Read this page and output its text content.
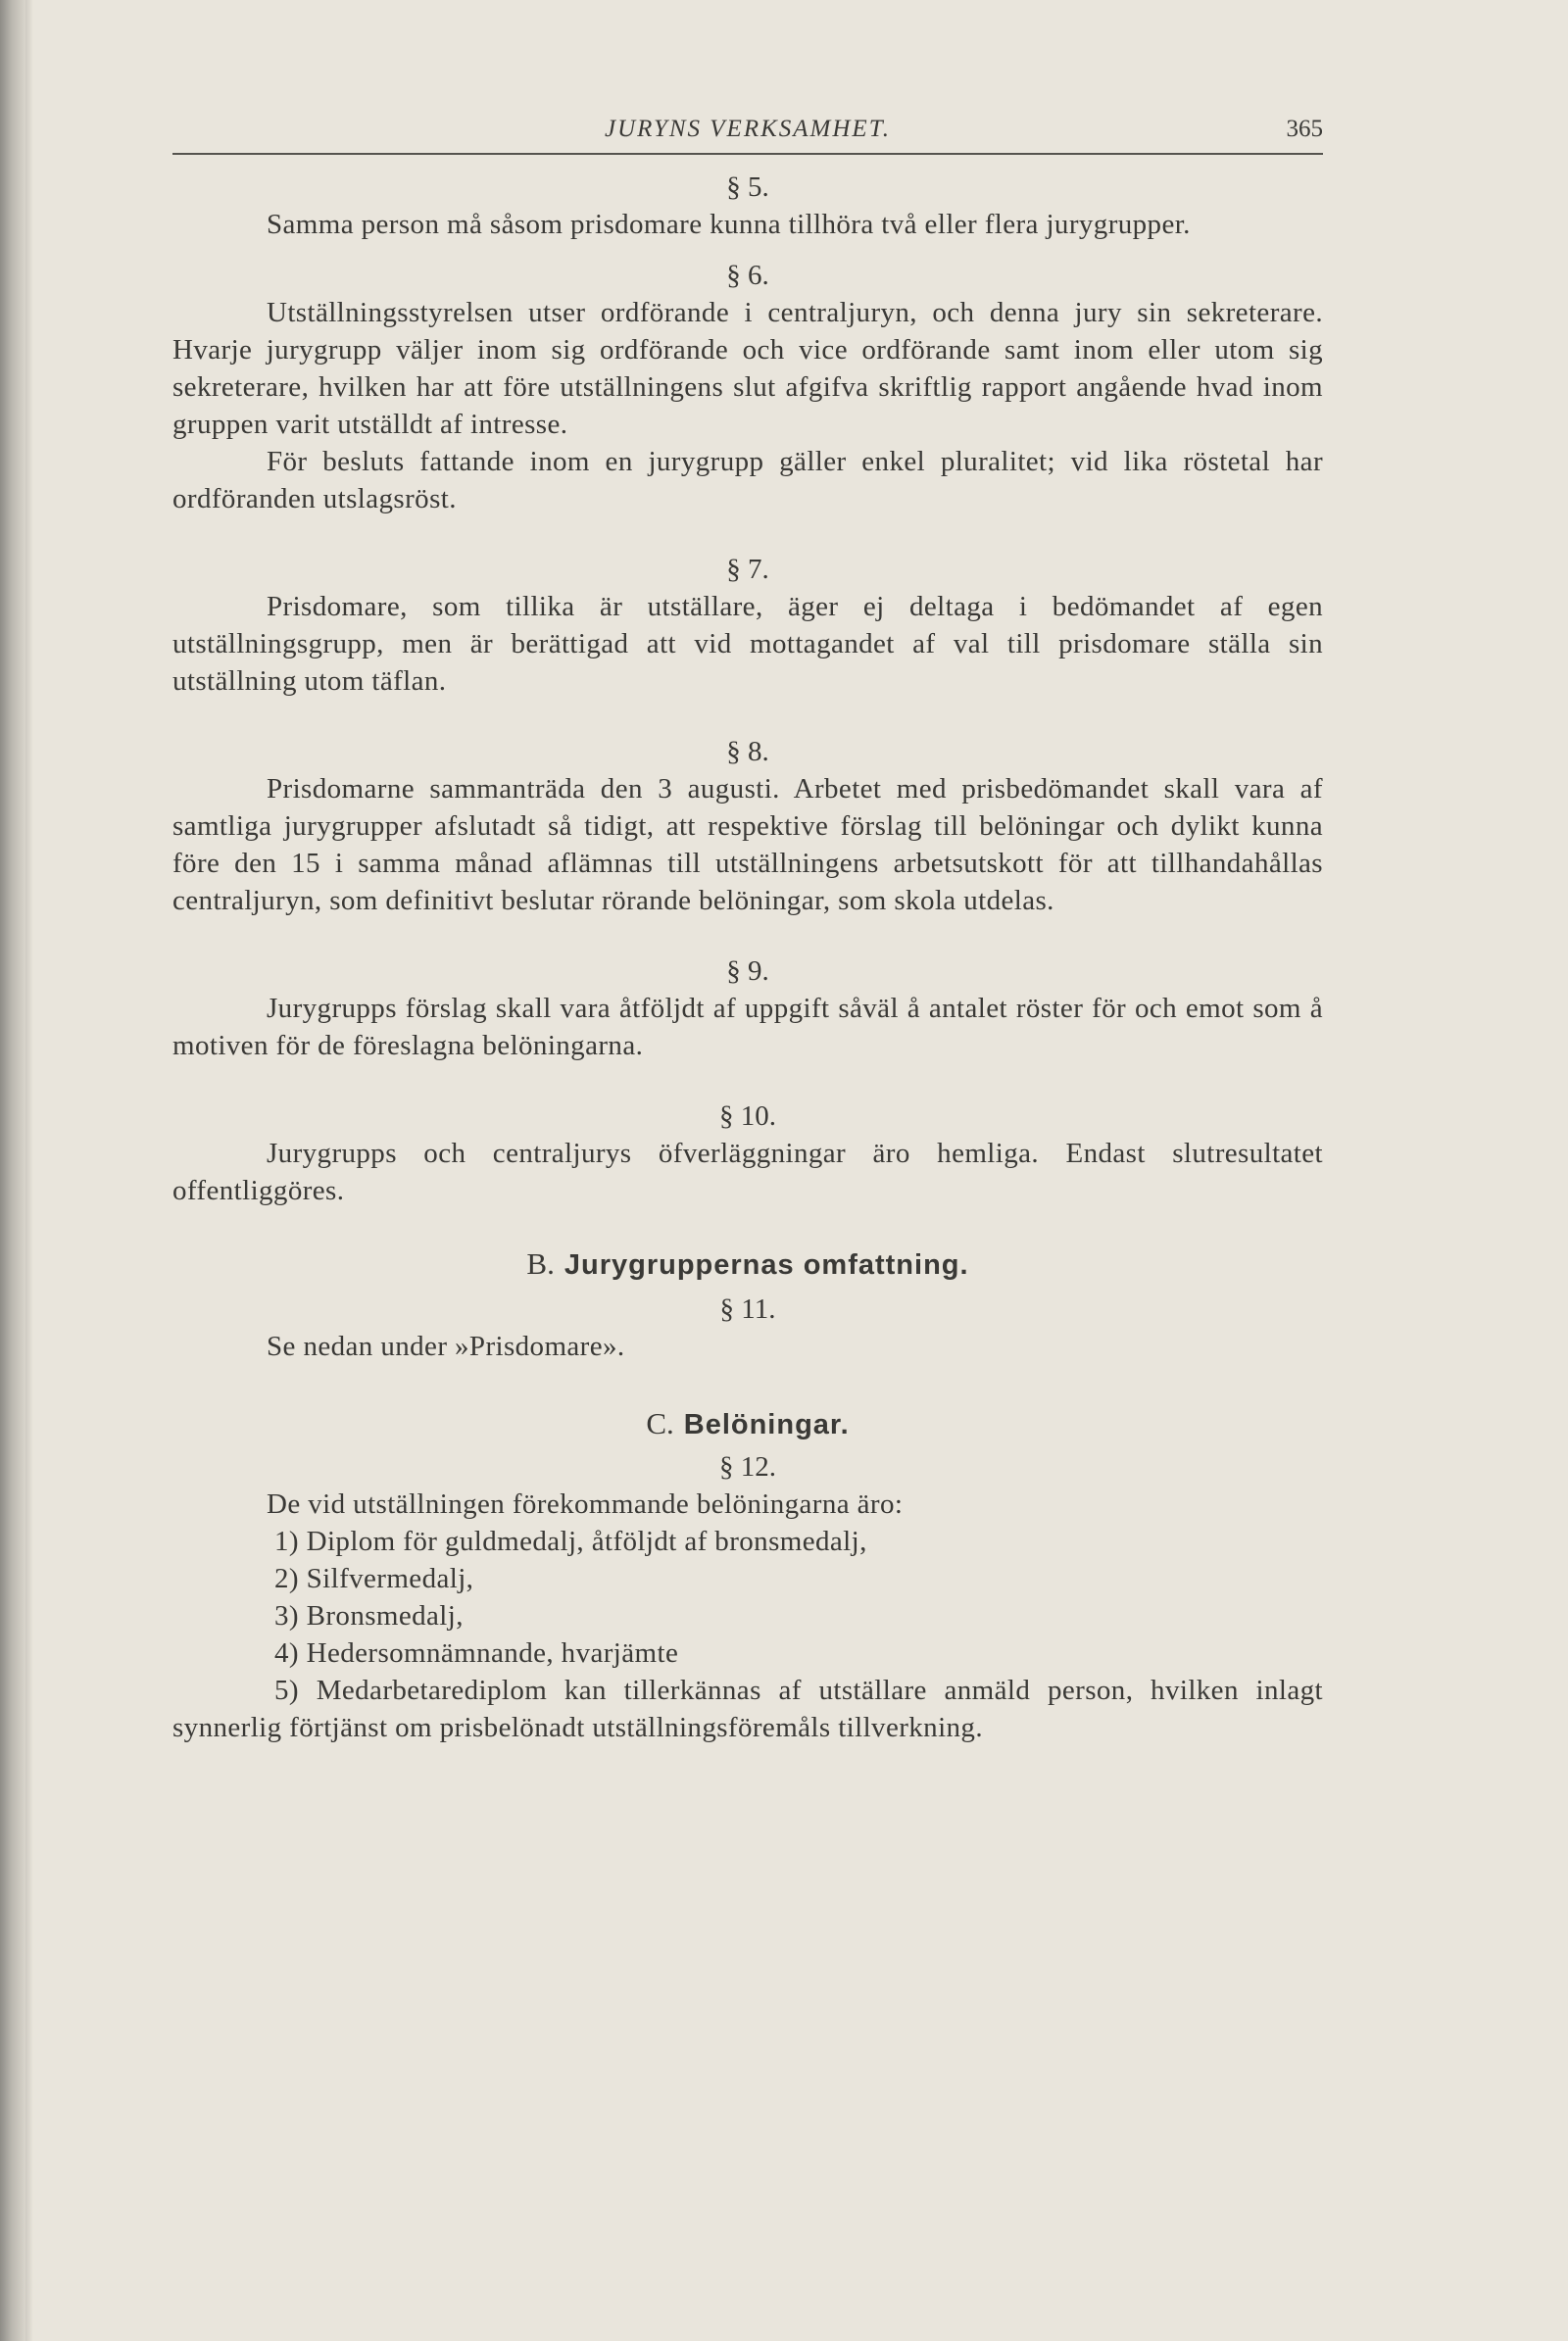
JURYNS VERKSAMHET.	365
§ 5.

Samma person må såsom prisdomare kunna tillhöra två eller flera jurygrupper.

§ 6.

Utställningsstyrelsen utser ordförande i centraljuryn, och denna jury sin sekreterare. Hvarje jurygrupp väljer inom sig ordförande och vice ordförande samt inom eller utom sig sekreterare, hvilken har att före utställningens slut afgifva skriftlig rapport angående hvad inom gruppen varit utställdt af intresse.

För besluts fattande inom en jurygrupp gäller enkel pluralitet; vid lika röstetal har ordföranden utslagsröst.

§ 7.

Prisdomare, som tillika är utställare, äger ej deltaga i bedömandet af egen utställningsgrupp, men är berättigad att vid mottagandet af val till prisdomare ställa sin utställning utom täflan.

§ 8.

Prisdomarne sammanträda den 3 augusti. Arbetet med prisbedömandet skall vara af samtliga jurygrupper afslutadt så tidigt, att respektive förslag till belöningar och dylikt kunna före den 15 i samma månad aflämnas till utställningens arbetsutskott för att tillhandahållas centraljuryn, som definitivt beslutar rörande belöningar, som skola utdelas.

§ 9.

Jurygrupps förslag skall vara åtföljdt af uppgift såväl å antalet röster för och emot som å motiven för de föreslagna belöningarna.

§ 10.

Jurygrupps och centraljurys öfverläggningar äro hemliga. Endast slutresultatet offentliggöres.

B. Jurygruppernas omfattning.
§ 11.

Se nedan under »Prisdomare».

C. Belöningar.
§ 12.

De vid utställningen förekommande belöningarna äro:

1) Diplom för guldmedalj, åtföljdt af bronsmedalj,
2) Silfvermedalj,
3) Bronsmedalj,
4) Hedersomnämnande, hvarjämte
5) Medarbetarediplom kan tillerkännas af utställare anmäld person, hvilken inlagt synnerlig förtjänst om prisbelönadt utställningsföremåls tillverkning.
